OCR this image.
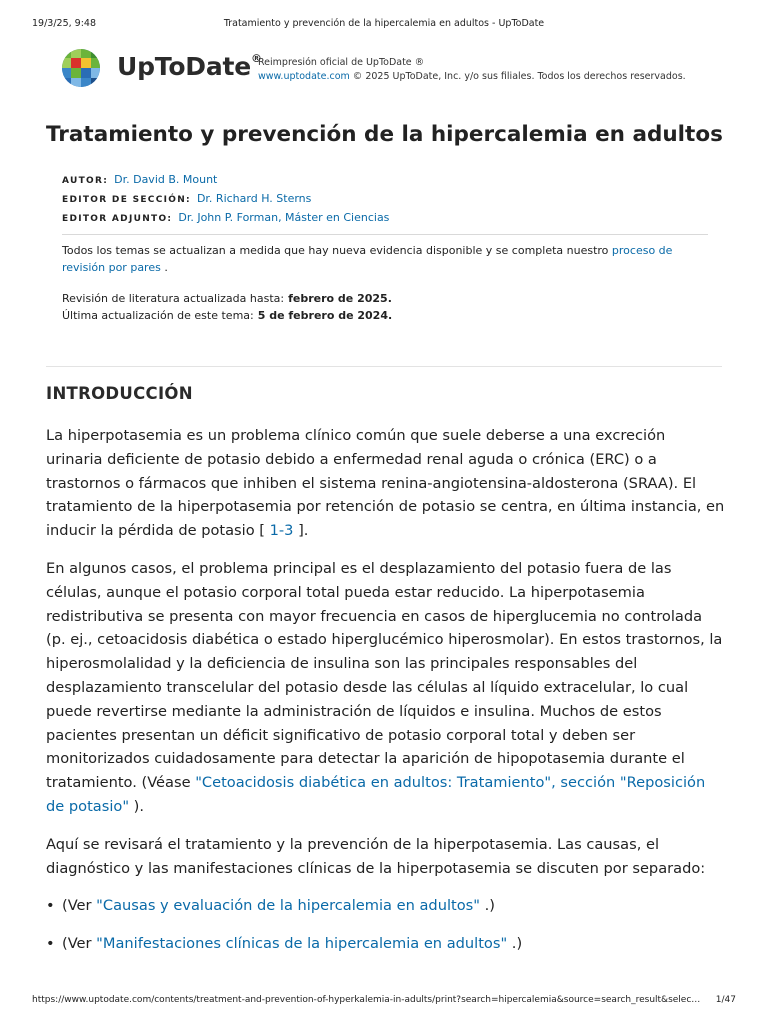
19/3/25, 9:48	Tratamiento y prevención de la hipercalemia en adultos - UpToDate
UpToDate®
Reimpresión oficial de UpToDate ®
www.uptodate.com © 2025 UpToDate, Inc. y/o sus filiales. Todos los derechos reservados.
Tratamiento y prevención de la hipercalemia en adultos
AUTOR: Dr. David B. Mount
EDITOR DE SECCIÓN: Dr. Richard H. Sterns
EDITOR ADJUNTO: Dr. John P. Forman, Máster en Ciencias
Todos los temas se actualizan a medida que hay nueva evidencia disponible y se completa nuestro proceso de revisión por pares .
Revisión de literatura actualizada hasta: febrero de 2025.
Última actualización de este tema: 5 de febrero de 2024.
INTRODUCCIÓN

La hiperpotasemia es un problema clínico común que suele deberse a una excreción urinaria deficiente de potasio debido a enfermedad renal aguda o crónica (ERC) o a trastornos o fármacos que inhiben el sistema renina-angiotensina-aldosterona (SRAA). El tratamiento de la hiperpotasemia por retención de potasio se centra, en última instancia, en inducir la pérdida de potasio [ 1-3 ].

En algunos casos, el problema principal es el desplazamiento del potasio fuera de las células, aunque el potasio corporal total pueda estar reducido. La hiperpotasemia redistributiva se presenta con mayor frecuencia en casos de hiperglucemia no controlada (p. ej., cetoacidosis diabética o estado hiperglucémico hiperosmolar). En estos trastornos, la hiperosmolalidad y la deficiencia de insulina son las principales responsables del desplazamiento transcelular del potasio desde las células al líquido extracelular, lo cual puede revertirse mediante la administración de líquidos e insulina. Muchos de estos pacientes presentan un déficit significativo de potasio corporal total y deben ser monitorizados cuidadosamente para detectar la aparición de hipopotasemia durante el tratamiento. (Véase "Cetoacidosis diabética en adultos: Tratamiento", sección "Reposición de potasio" ).

Aquí se revisará el tratamiento y la prevención de la hiperpotasemia. Las causas, el diagnóstico y las manifestaciones clínicas de la hiperpotasemia se discuten por separado:

• (Ver "Causas y evaluación de la hipercalemia en adultos" .)
• (Ver "Manifestaciones clínicas de la hipercalemia en adultos" .)
https://www.uptodate.com/contents/treatment-and-prevention-of-hyperkalemia-in-adults/print?search=hipercalemia&source=search_result&selec… 1/47
